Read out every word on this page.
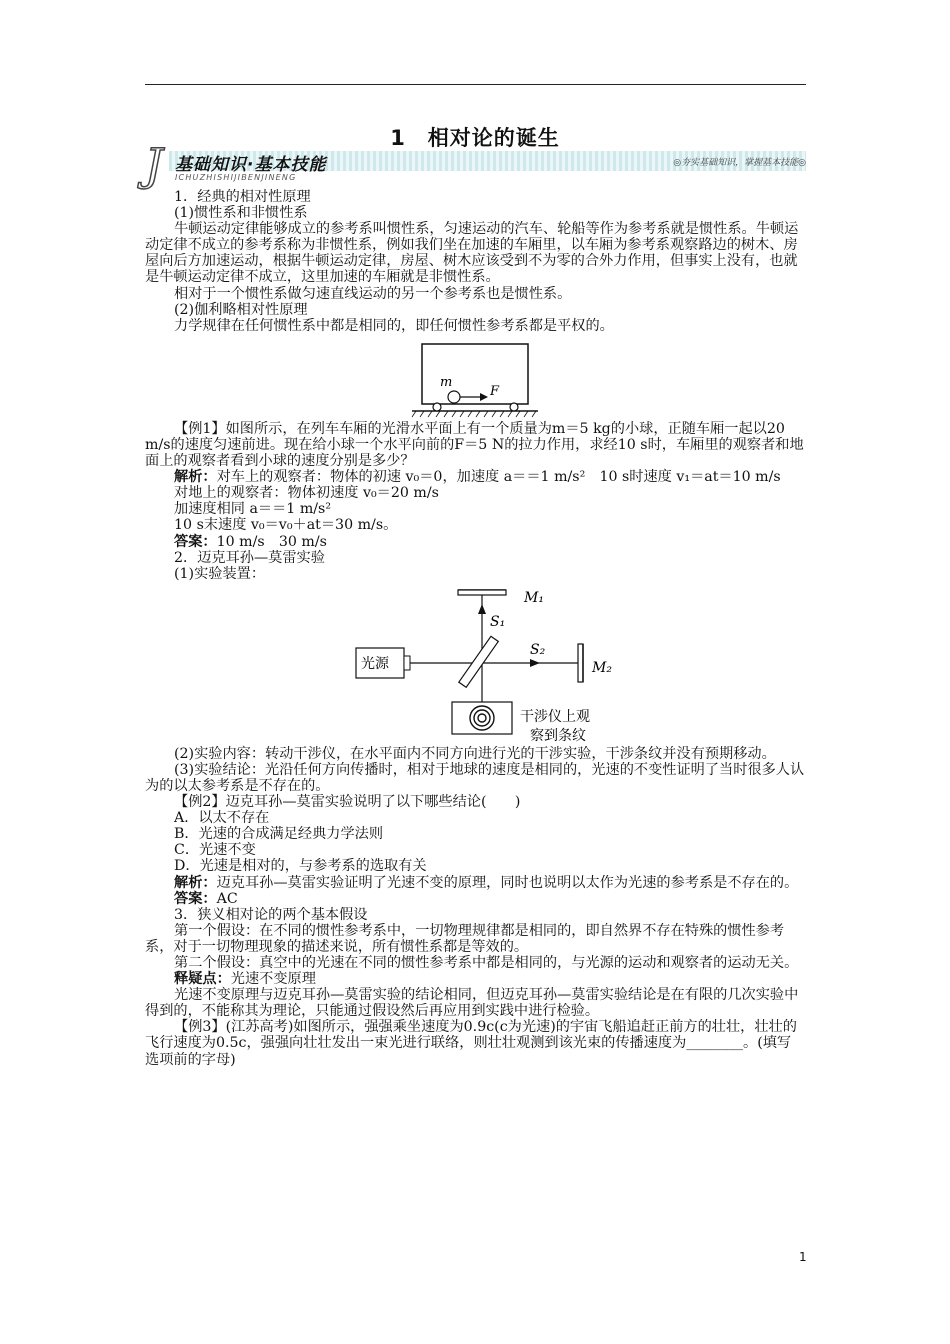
1　相对论的诞生
J 基础知识·基本技能
ICHUZHISHIJIBENJINENG
◎夯实基础知识，掌握基本技能◎

1．经典的相对性原理

(1)惯性系和非惯性系

牛顿运动定律能够成立的参考系叫惯性系，匀速运动的汽车、轮船等作为参考系就是惯性系。牛顿运动定律不成立的参考系称为非惯性系，例如我们坐在加速的车厢里，以车厢为参考系观察路边的树木、房屋向后方加速运动，根据牛顿运动定律，房屋、树木应该受到不为零的合外力作用，但事实上没有，也就是牛顿运动定律不成立，这里加速的车厢就是非惯性系。

相对于一个惯性系做匀速直线运动的另一个参考系也是惯性系。

(2)伽利略相对性原理

力学规律在任何惯性系中都是相同的，即任何惯性参考系都是平权的。

m
F

【例1】如图所示，在列车车厢的光滑水平面上有一个质量为m＝5 kg的小球，正随车厢一起以20 m/s的速度匀速前进。现在给小球一个水平向前的F＝5 N的拉力作用，求经10 s时，车厢里的观察者和地面上的观察者看到小球的速度分别是多少？

解析：对车上的观察者：物体的初速 v₀＝0，加速度 a＝＝1 m/s²　10 s时速度 v₁＝at＝10 m/s

对地上的观察者：物体初速度 v₀＝20 m/s

加速度相同 a＝＝1 m/s²

10 s末速度 v₀＝v₀＋at＝30 m/s。

答案：10 m/s　30 m/s

2．迈克耳孙—莫雷实验

(1)实验装置：

M₁
S₁
光源
S₂
M₂
干涉仪上观
察到条纹

(2)实验内容：转动干涉仪，在水平面内不同方向进行光的干涉实验，干涉条纹并没有预期移动。

(3)实验结论：光沿任何方向传播时，相对于地球的速度是相同的，光速的不变性证明了当时很多人认为的以太参考系是不存在的。

【例2】迈克耳孙—莫雷实验说明了以下哪些结论(　　)

A．以太不存在

B．光速的合成满足经典力学法则

C．光速不变

D．光速是相对的，与参考系的选取有关

解析：迈克耳孙—莫雷实验证明了光速不变的原理，同时也说明以太作为光速的参考系是不存在的。

答案：AC

3．狭义相对论的两个基本假设

第一个假设：在不同的惯性参考系中，一切物理规律都是相同的，即自然界不存在特殊的惯性参考系，对于一切物理现象的描述来说，所有惯性系都是等效的。

第二个假设：真空中的光速在不同的惯性参考系中都是相同的，与光源的运动和观察者的运动无关。

释疑点：光速不变原理

光速不变原理与迈克耳孙—莫雷实验的结论相同，但迈克耳孙—莫雷实验结论是在有限的几次实验中得到的，不能称其为理论，只能通过假设然后再应用到实践中进行检验。

【例3】(江苏高考)如图所示，强强乘坐速度为0.9c(c为光速)的宇宙飞船追赶正前方的壮壮，壮壮的飞行速度为0.5c，强强向壮壮发出一束光进行联络，则壮壮观测到该光束的传播速度为________。(填写选项前的字母)

1
